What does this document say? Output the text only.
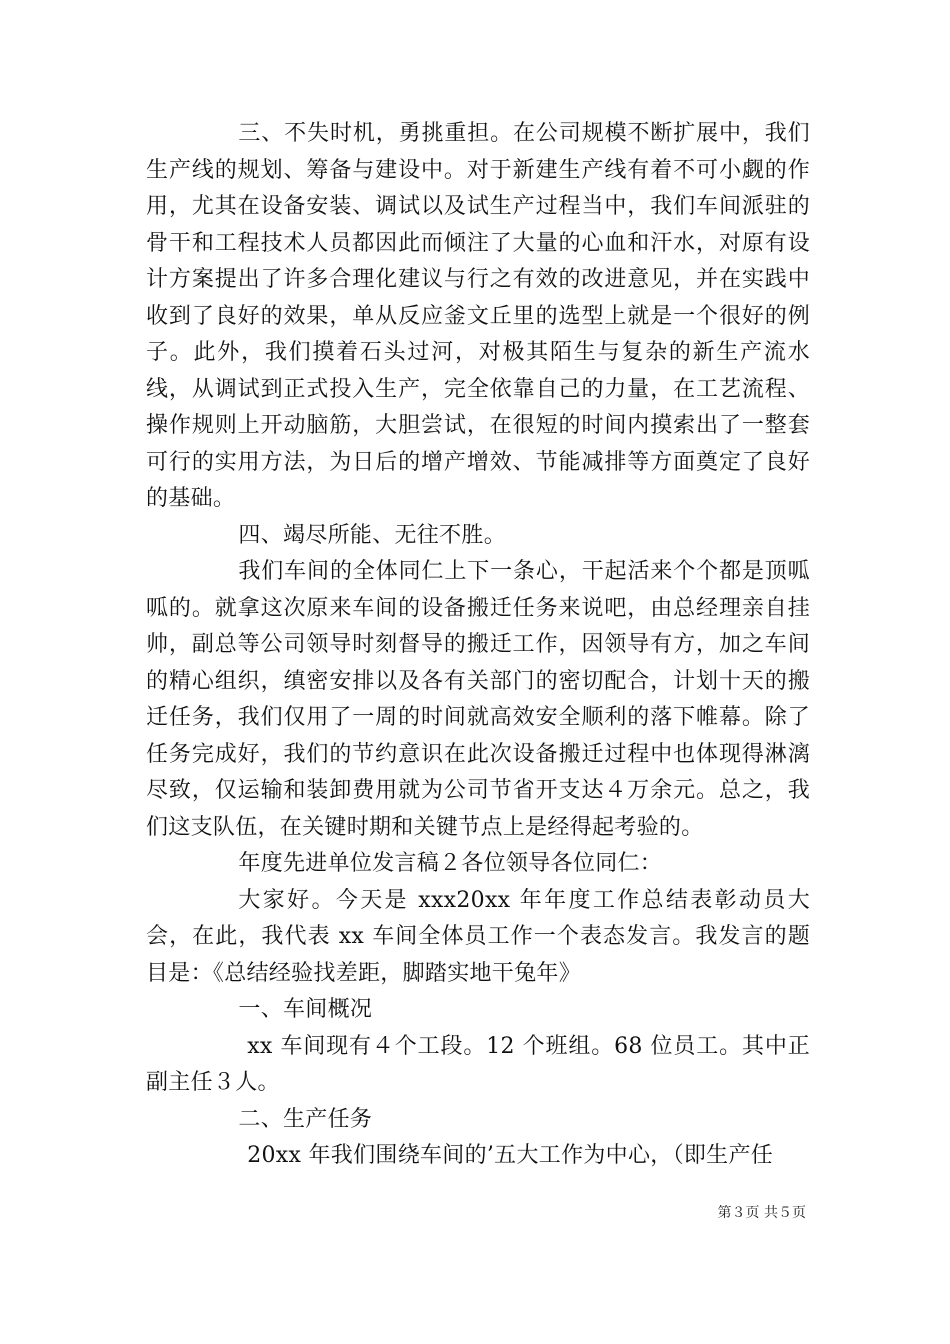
三、不失时机，勇挑重担。在公司规模不断扩展中，我们生产线的规划、筹备与建设中。对于新建生产线有着不可小觑的作用，尤其在设备安装、调试以及试生产过程当中，我们车间派驻的骨干和工程技术人员都因此而倾注了大量的心血和汗水，对原有设计方案提出了许多合理化建议与行之有效的改进意见，并在实践中收到了良好的效果，单从反应釜文丘里的选型上就是一个很好的例子。此外，我们摸着石头过河，对极其陌生与复杂的新生产流水线，从调试到正式投入生产，完全依靠自己的力量，在工艺流程、操作规则上开动脑筋，大胆尝试，在很短的时间内摸索出了一整套可行的实用方法，为日后的增产增效、节能减排等方面奠定了良好的基础。

四、竭尽所能、无往不胜。

我们车间的全体同仁上下一条心，干起活来个个都是顶呱呱的。就拿这次原来车间的设备搬迁任务来说吧，由总经理亲自挂帅，副总等公司领导时刻督导的搬迁工作，因领导有方，加之车间的精心组织，缜密安排以及各有关部门的密切配合，计划十天的搬迁任务，我们仅用了一周的时间就高效安全顺利的落下帷幕。除了任务完成好，我们的节约意识在此次设备搬迁过程中也体现得淋漓尽致，仅运输和装卸费用就为公司节省开支达４万余元。总之，我们这支队伍，在关键时期和关键节点上是经得起考验的。

年度先进单位发言稿２各位领导各位同仁：

大家好。今天是 xxx20xx 年年度工作总结表彰动员大会，在此，我代表 xx 车间全体员工作一个表态发言。我发言的题目是：《总结经验找差距，脚踏实地干兔年》

一、车间概况

xx 车间现有４个工段。12 个班组。68 位员工。其中正副主任３人。

二、生产任务

20xx 年我们围绕车间的’五大工作为中心，（即生产任

第３页 共５页
